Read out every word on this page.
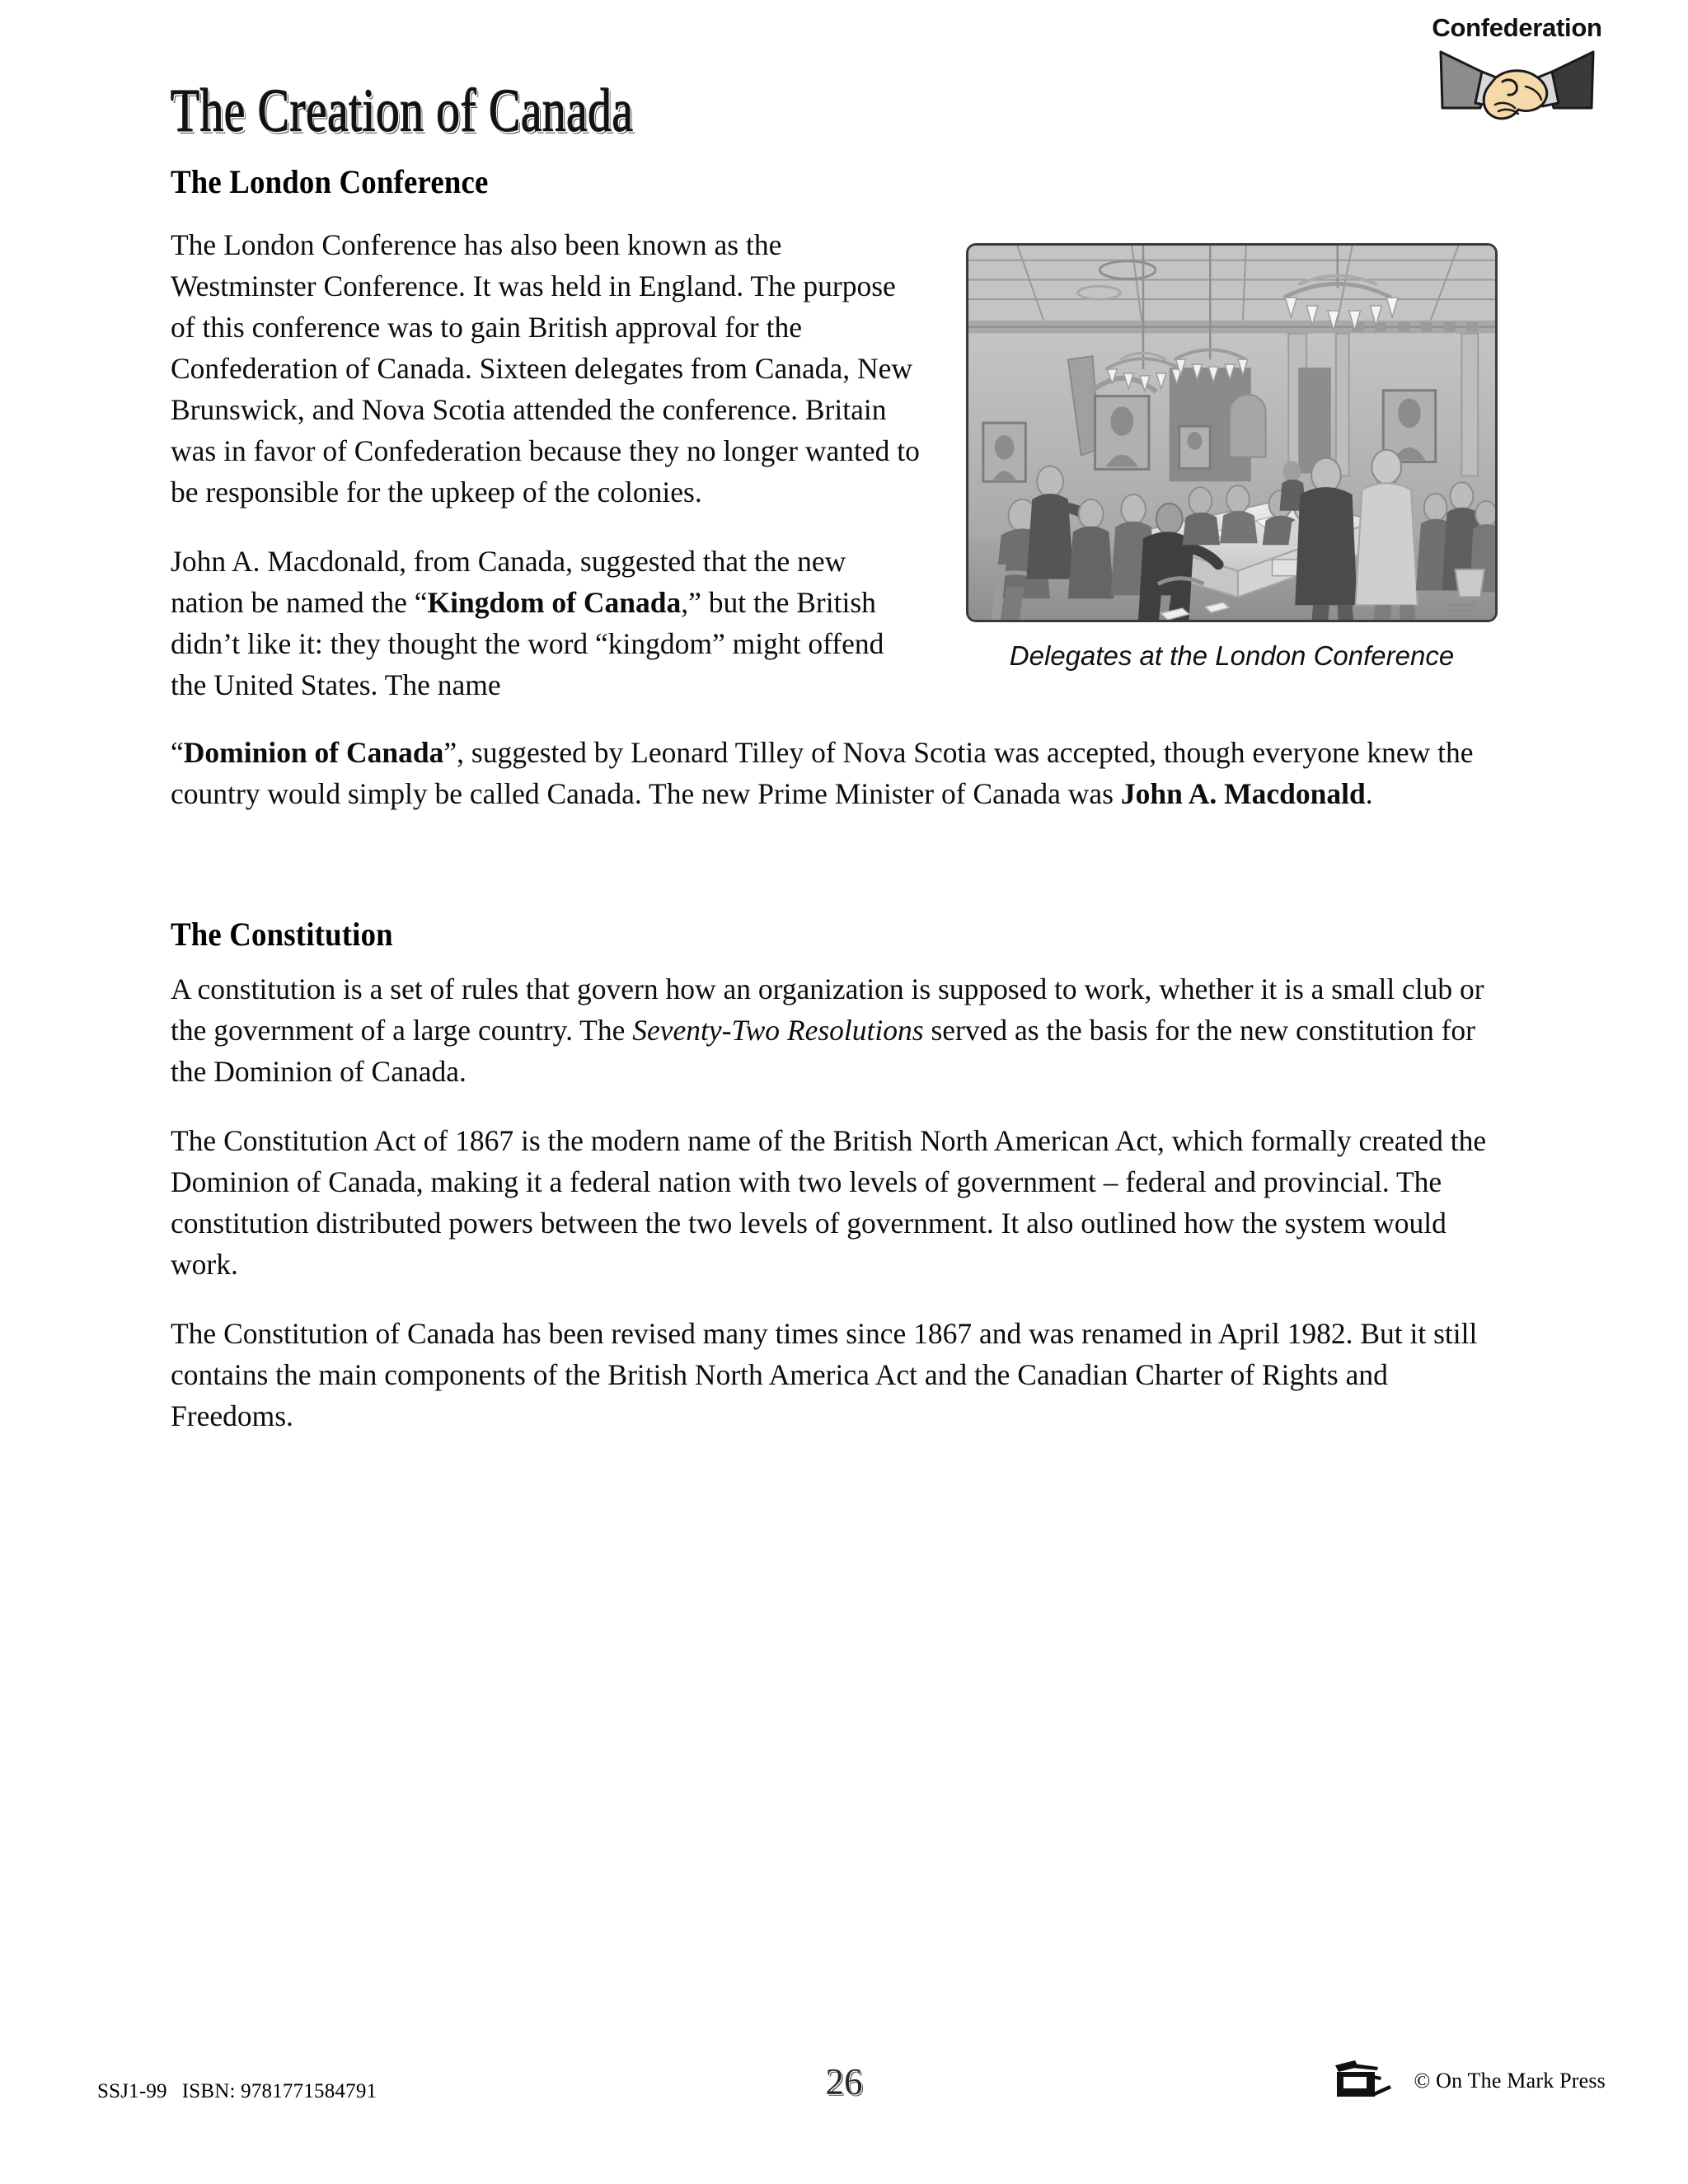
Confederation
The Creation of Canada
The London Conference

The London Conference has also been known as the Westminster Conference. It was held in England. The purpose of this conference was to gain British approval for the Confederation of Canada. Sixteen delegates from Canada, New Brunswick, and Nova Scotia attended the conference. Britain was in favor of Confederation because they no longer wanted to be responsible for the upkeep of the colonies.

John A. Macdonald, from Canada, suggested that the new nation be named the “Kingdom of Canada,” but the British didn’t like it: they thought the word “kingdom” might offend the United States. The name

Delegates at the London Conference

“Dominion of Canada”, suggested by Leonard Tilley of Nova Scotia was accepted, though everyone knew the country would simply be called Canada. The new Prime Minister of Canada was John A. Macdonald.

The Constitution

A constitution is a set of rules that govern how an organization is supposed to work, whether it is a small club or the government of a large country. The Seventy-Two Resolutions served as the basis for the new constitution for the Dominion of Canada.

The Constitution Act of 1867 is the modern name of the British North American Act, which formally created the Dominion of Canada, making it a federal nation with two levels of government – federal and provincial. The constitution distributed powers between the two levels of government. It also outlined how the system would work.

The Constitution of Canada has been revised many times since 1867 and was renamed in April 1982. But it still contains the main components of the British North America Act and the Canadian Charter of Rights and Freedoms.

SSJ1-99 ISBN: 9781771584791	26	© On The Mark Press
